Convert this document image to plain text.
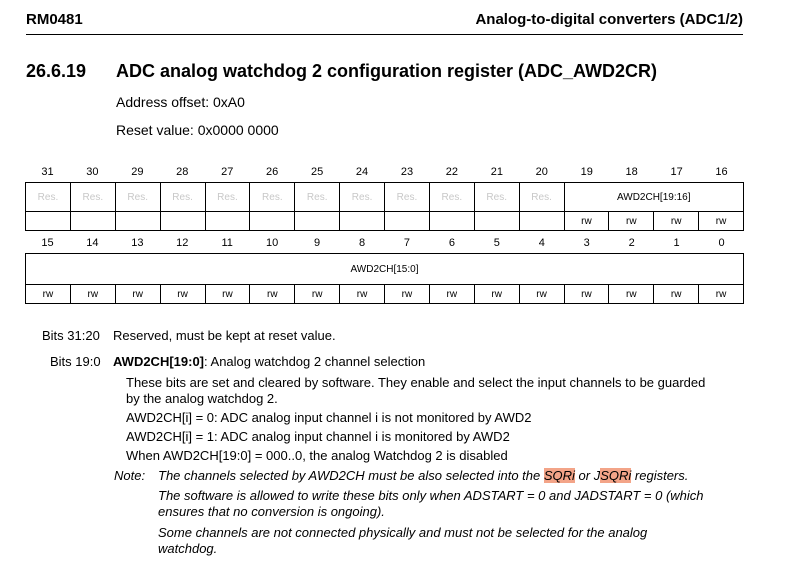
RM0481	Analog-to-digital converters (ADC1/2)
26.6.19 ADC analog watchdog 2 configuration register (ADC_AWD2CR)
Address offset: 0xA0
Reset value: 0x0000 0000
31	30	29	28	27	26	25	24	23	22	21	20	19	18	17	16
Res.	Res.	Res.	Res.	Res.	Res.	Res.	Res.	Res.	Res.	Res.	Res.	AWD2CH[19:16]			
												rw	rw	rw	rw
15	14	13	12	11	10	9	8	7	6	5	4	3	2	1	0
AWD2CH[15:0]
rw	rw	rw	rw	rw	rw	rw	rw	rw	rw	rw	rw	rw	rw	rw	rw
Bits 31:20 Reserved, must be kept at reset value.
Bits 19:0 AWD2CH[19:0]: Analog watchdog 2 channel selection
These bits are set and cleared by software. They enable and select the input channels to be guarded
by the analog watchdog 2.
AWD2CH[i] = 0: ADC analog input channel i is not monitored by AWD2
AWD2CH[i] = 1: ADC analog input channel i is monitored by AWD2
When AWD2CH[19:0] = 000..0, the analog Watchdog 2 is disabled
Note: The channels selected by AWD2CH must be also selected into the SQRi or JSQRi registers.
The software is allowed to write these bits only when ADSTART = 0 and JADSTART = 0 (which
ensures that no conversion is ongoing).
Some channels are not connected physically and must not be selected for the analog
watchdog.
